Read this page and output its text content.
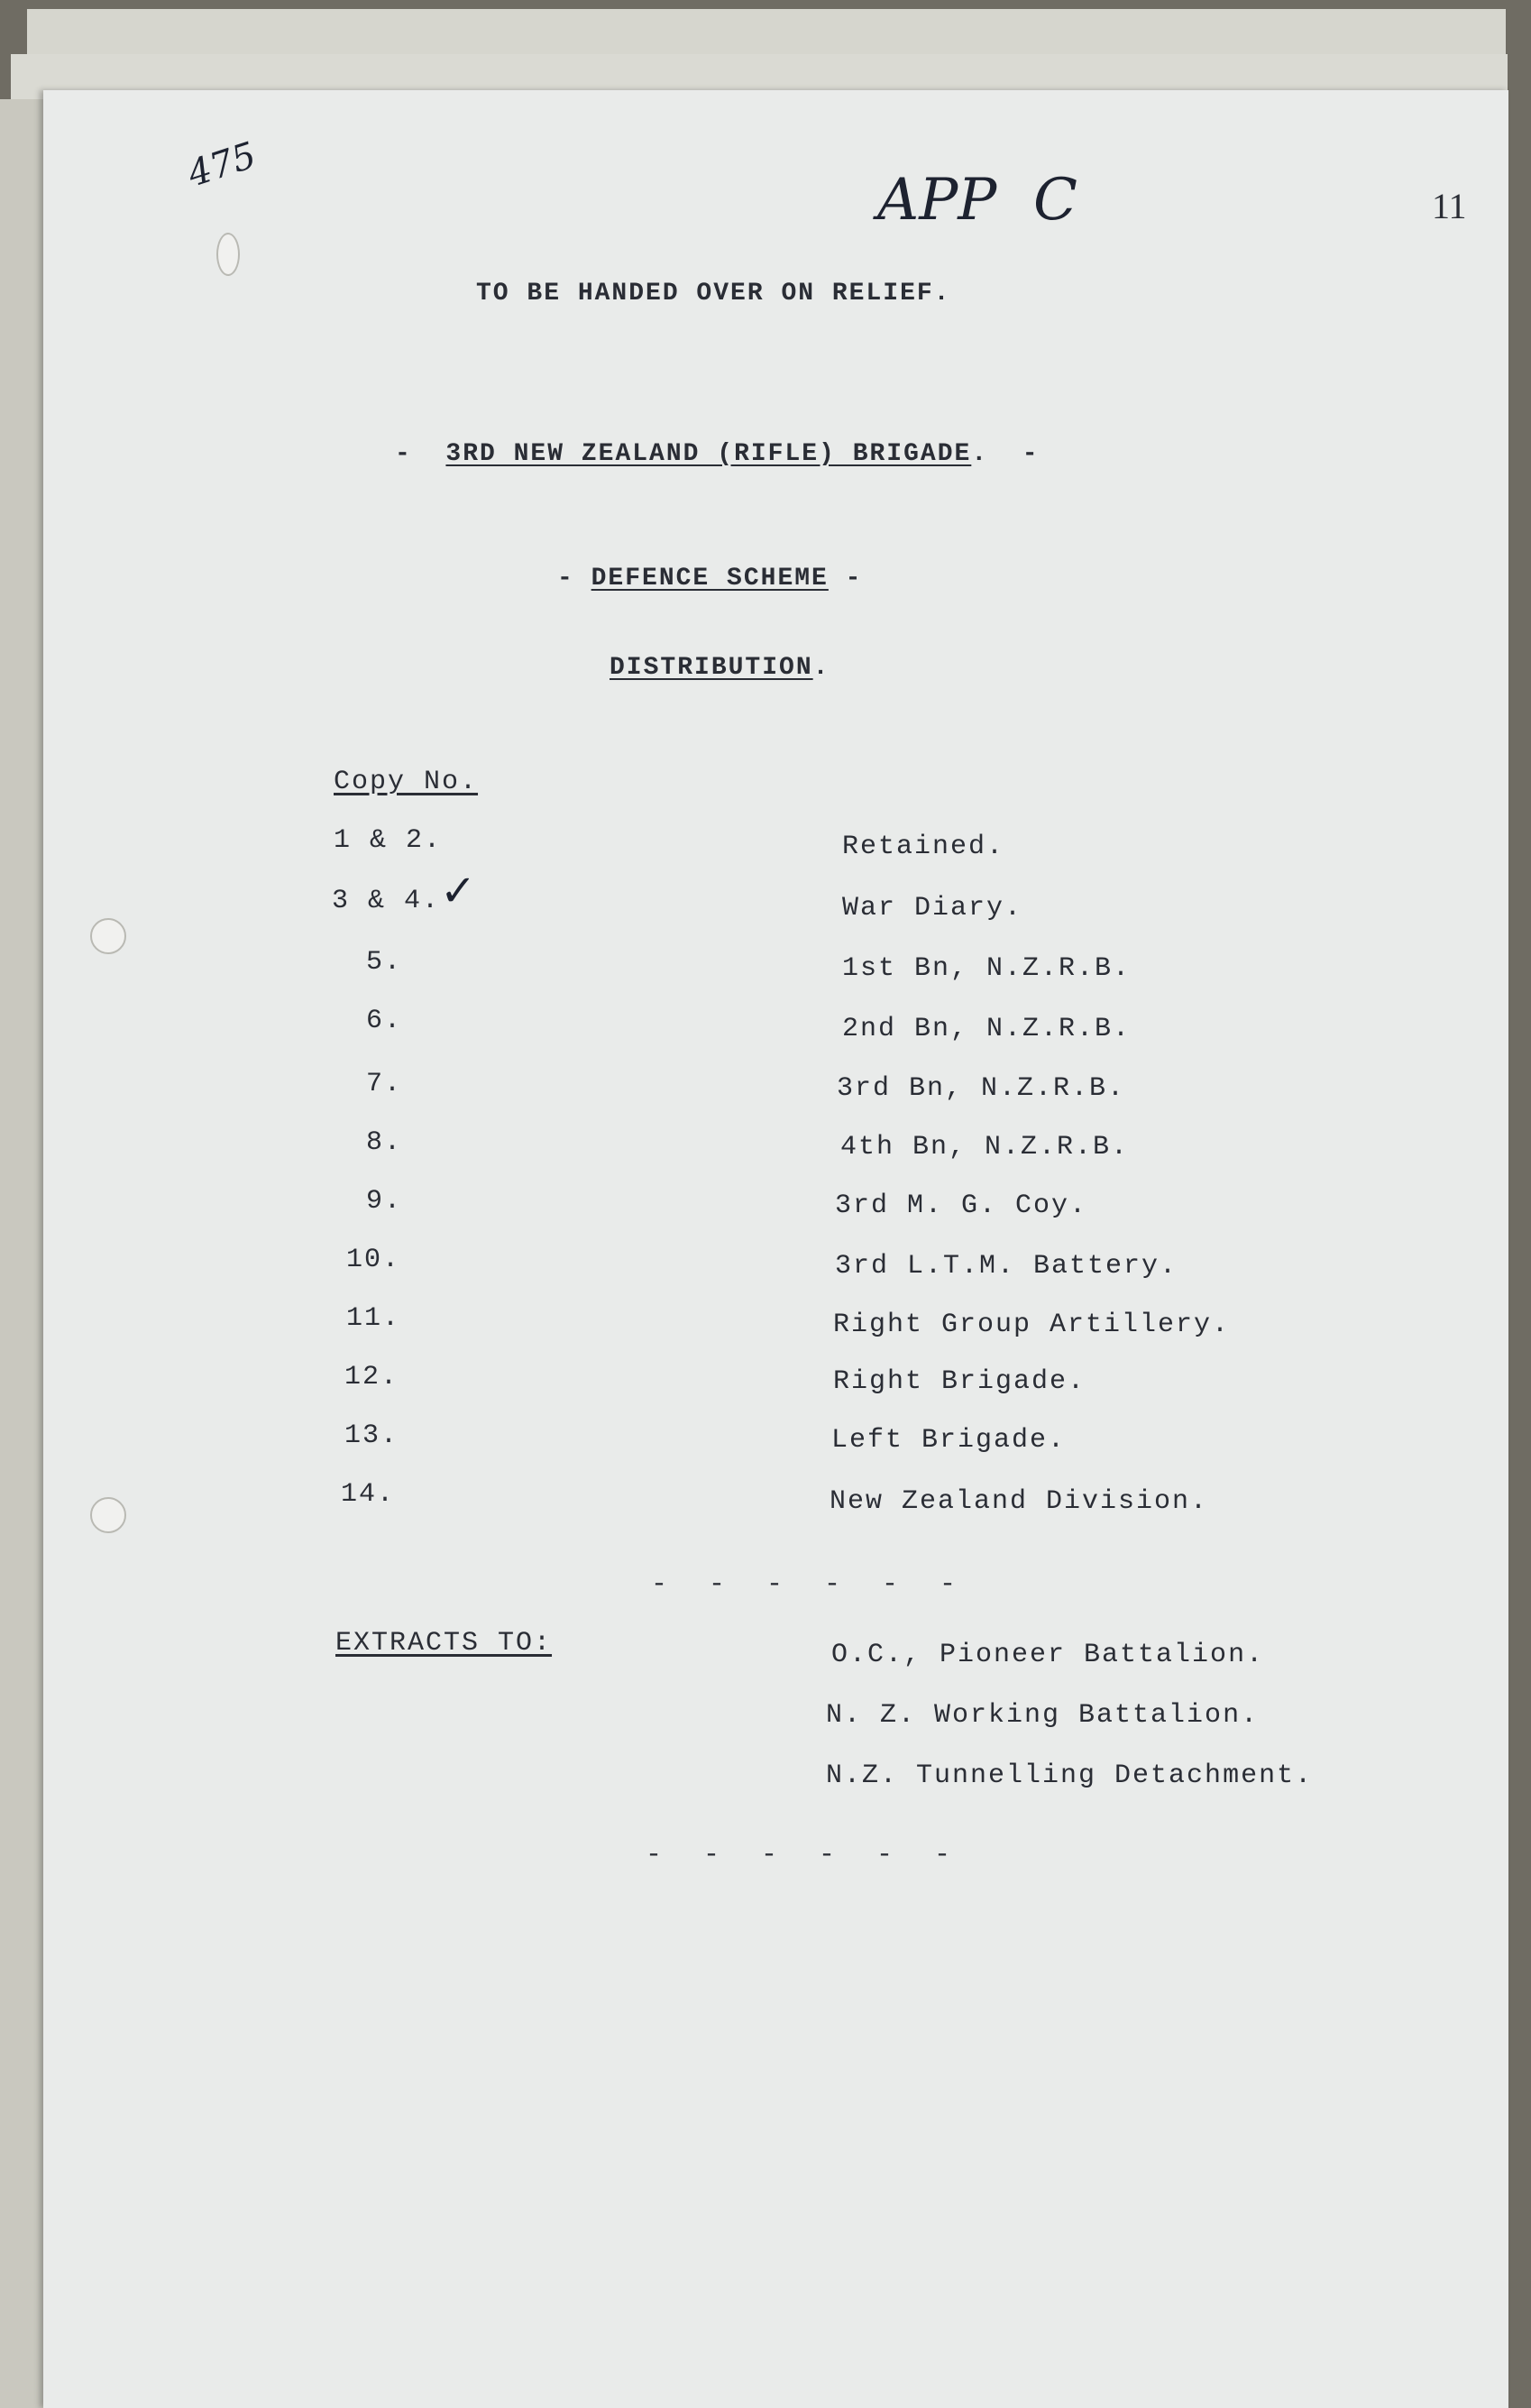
475
APP  C	11
TO BE HANDED OVER ON RELIEF.
-  3RD NEW ZEALAND (RIFLE) BRIGADE.  -
- DEFENCE SCHEME -
DISTRIBUTION.
Copy No.
1 & 2.	Retained.
3 & 4. ✓	War Diary.
5.	1st Bn, N.Z.R.B.
6.	2nd Bn, N.Z.R.B.
7.	3rd Bn, N.Z.R.B.
8.	4th Bn, N.Z.R.B.
9.	3rd M. G. Coy.
10.	3rd L.T.M. Battery.
11.	Right Group Artillery.
12.	Right Brigade.
13.	Left Brigade.
14.	New Zealand Division.
- - - - - -
EXTRACTS TO:	O.C., Pioneer Battalion.
N. Z. Working Battalion.
N.Z. Tunnelling Detachment.
- - - - - -
